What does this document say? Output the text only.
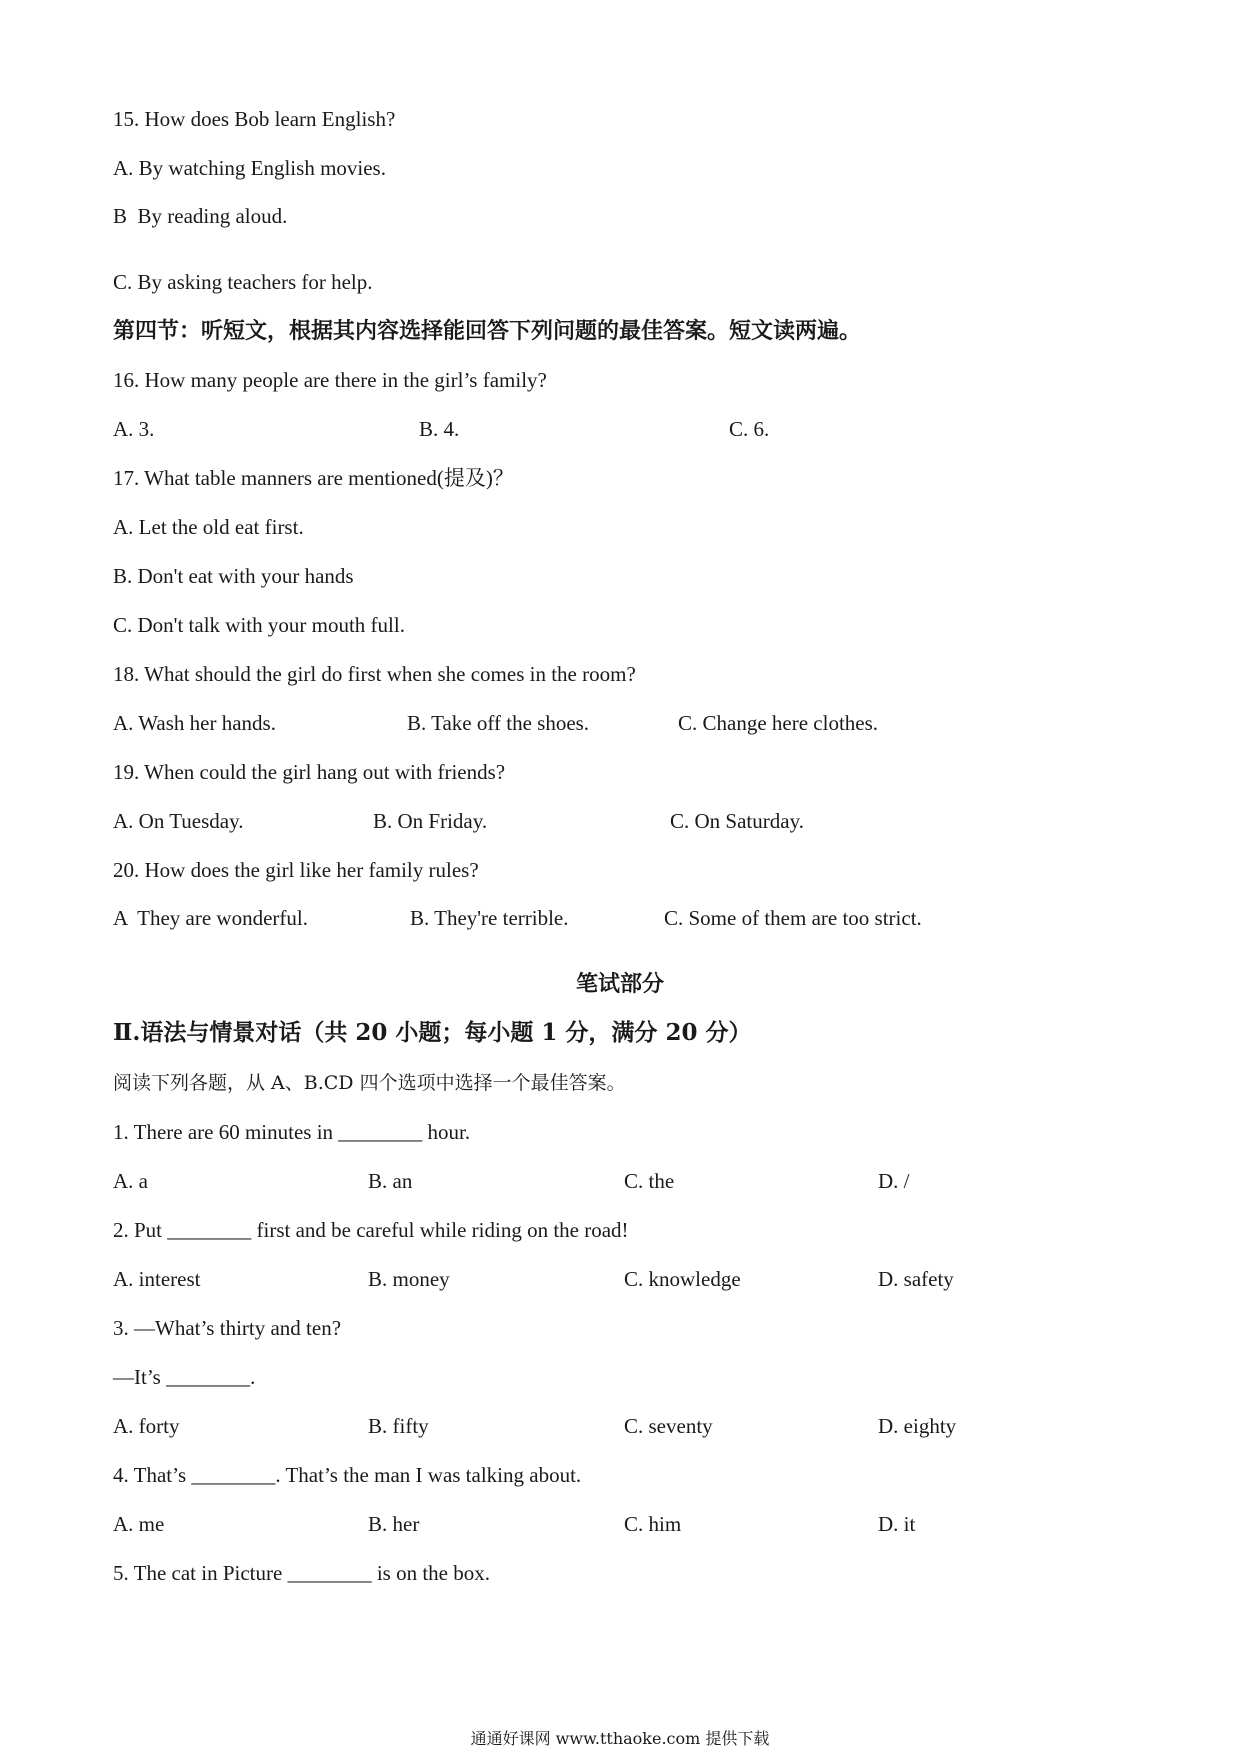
15. How does Bob learn English?
A. By watching English movies.
B  By reading aloud.
C. By asking teachers for help.
第四节：听短文，根据其内容选择能回答下列问题的最佳答案。短文读两遍。
16. How many people are there in the girl’s family?
A. 3.	B. 4.	C. 6.
17. What table manners are mentioned(提及)？
A. Let the old eat first.
B. Don't eat with your hands
C. Don't talk with your mouth full.
18. What should the girl do first when she comes in the room?
A. Wash her hands.	B. Take off the shoes.	C. Change here clothes.
19. When could the girl hang out with friends?
A. On Tuesday.	B. On Friday.	C. On Saturday.
20. How does the girl like her family rules?
A  They are wonderful.	B. They're terrible.	C. Some of them are too strict.
笔试部分
Ⅱ.语法与情景对话（共 20 小题；每小题 1 分，满分 20 分）
阅读下列各题，从 A、B.CD 四个选项中选择一个最佳答案。
1. There are 60 minutes in ________ hour.
A. a	B. an	C. the	D. /
2. Put ________ first and be careful while riding on the road!
A. interest	B. money	C. knowledge	D. safety
3. —What’s thirty and ten?
—It’s ________.
A. forty	B. fifty	C. seventy	D. eighty
4. That’s ________. That’s the man I was talking about.
A. me	B. her	C. him	D. it
5. The cat in Picture ________ is on the box.
通通好课网 www.tthaoke.com 提供下载
